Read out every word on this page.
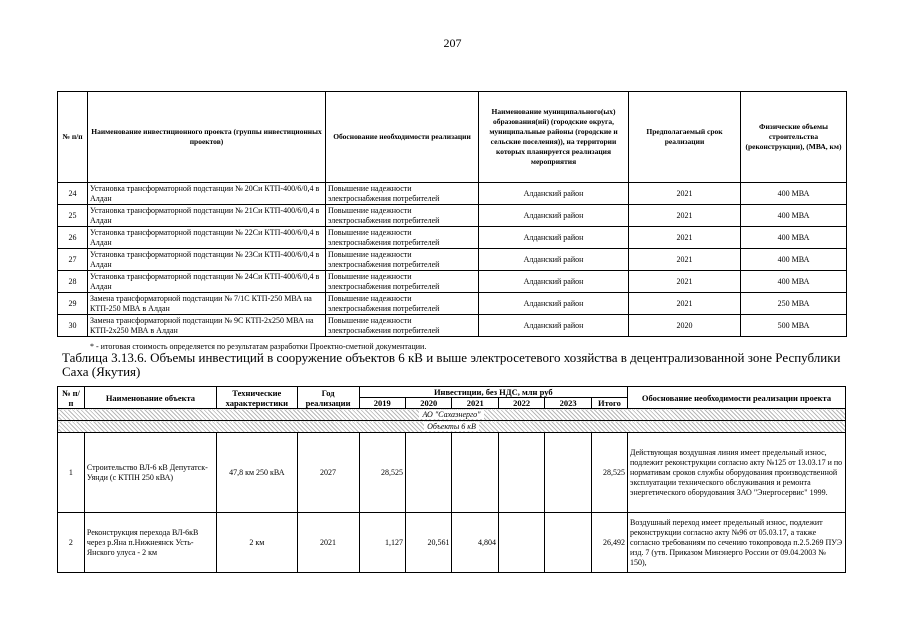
207
№ п/п	Наименование инвестиционного проекта (группы инвестиционных проектов)	Обоснование необходимости реализации	Наименование муниципального(ых) образования(ий) (городские округа, муниципальные районы (городские и сельские поселения)), на территории которых планируется реализация мероприятия	Предполагаемый срок реализации	Физические объемы строительства (реконструкции), (МВА, км)
24	Установка трансформаторной подстанции № 20Си КТП-400/6/0,4 в Алдан	Повышение надежности электроснабжения потребителей	Алданский район	2021	400 МВА
25	Установка трансформаторной подстанции № 21Си КТП-400/6/0,4 в Алдан	Повышение надежности электроснабжения потребителей	Алданский район	2021	400 МВА
26	Установка трансформаторной подстанции № 22Си КТП-400/6/0,4 в Алдан	Повышение надежности электроснабжения потребителей	Алданский район	2021	400 МВА
27	Установка трансформаторной подстанции № 23Си КТП-400/6/0,4 в Алдан	Повышение надежности электроснабжения потребителей	Алданский район	2021	400 МВА
28	Установка трансформаторной подстанции № 24Си КТП-400/6/0,4 в Алдан	Повышение надежности электроснабжения потребителей	Алданский район	2021	400 МВА
29	Замена трансформаторной подстанции № 7/1С КТП-250 МВА на КТП-250 МВА в Алдан	Повышение надежности электроснабжения потребителей	Алданский район	2021	250 МВА
30	Замена трансформаторной подстанции № 9С КТП-2х250 МВА на КТП-2х250 МВА в Алдан	Повышение надежности электроснабжения потребителей	Алданский район	2020	500 МВА
* - итоговая стоимость определяется по результатам разработки Проектно-сметной документации.
Таблица 3.13.6. Объемы инвестиций в сооружение объектов 6 кВ и выше электросетевого хозяйства в децентрализованной зоне Республики Саха (Якутия)
№ п/п	Наименование объекта	Технические характеристики	Год реализации	Инвестиции, без НДС, млн руб						Обоснование необходимости реализации проекта
				2019	2020	2021	2022	2023	Итого	
АО "Сахаэнерго"										
Объекты 6 кВ										
1	Строительство ВЛ-6 кВ Депутатск-Уянди (с КТПН 250 кВА)	47,8 км 250 кВА	2027	28,525					28,525	Действующая воздушная линия имеет предельный износ, подлежит реконструкции согласно акту №125 от 13.03.17 и по нормативам сроков службы оборудования производственной эксплуатации технического обслуживания и ремонта энергетического оборудования ЗАО "Энергосервис" 1999.
2	Реконструкция перехода ВЛ-6кВ через р.Яна п.Нижнеянск Усть-Янского улуса - 2 км	2 км	2021	1,127	20,561	4,804			26,492	Воздушный переход имеет предельный износ, подлежит реконструкции согласно акту №96 от 05.03.17, а также согласно требованиям по сечению токопровода п.2.5.269 ПУЭ изд. 7 (утв. Приказом Минэнерго России от 09.04.2003 № 150),
